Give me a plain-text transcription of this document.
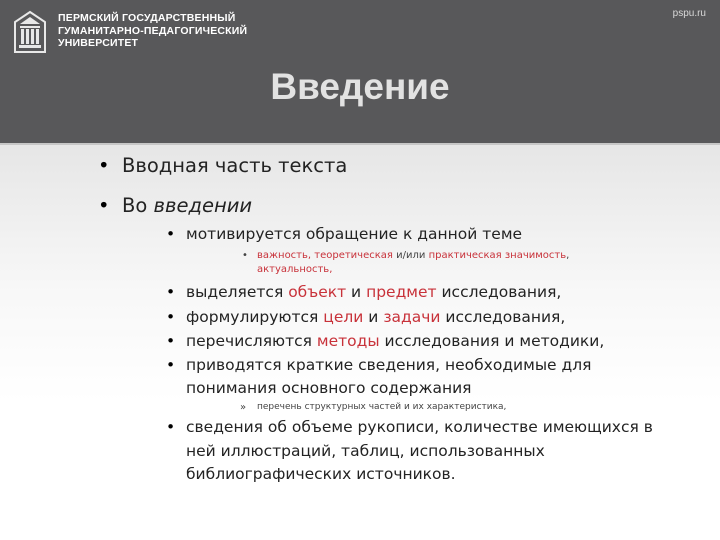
ПЕРМСКИЙ ГОСУДАРСТВЕННЫЙ
ГУМАНИТАРНО-ПЕДАГОГИЧЕСКИЙ
УНИВЕРСИТЕТ
pspu.ru
Введение
• Вводная часть текста
• Во введении
• мотивируется обращение к данной теме
• важность, теоретическая и/или практическая значимость,
актуальность,
• выделяется объект и предмет исследования,
• формулируются цели и задачи исследования,
• перечисляются методы исследования и методики,
• приводятся краткие сведения, необходимые для
понимания основного содержания
» перечень структурных частей и их характеристика,
• сведения об объеме рукописи, количестве имеющихся в
ней иллюстраций, таблиц, использованных
библиографических источников.
